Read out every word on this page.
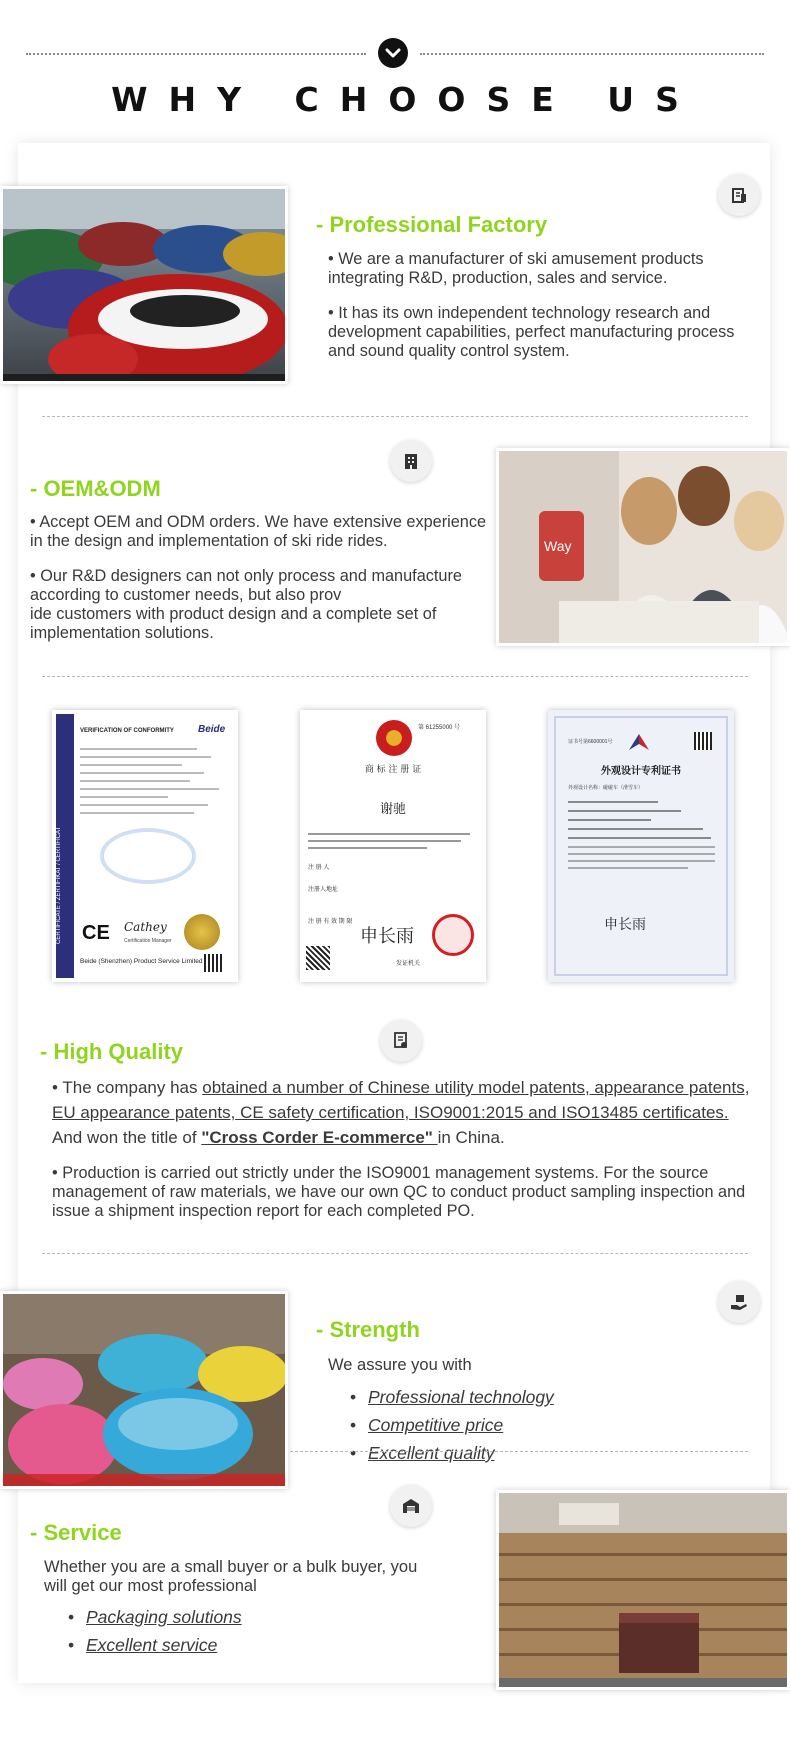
WHY CHOOSE US
- Professional Factory
• We are a manufacturer of ski amusement products integrating R&D, production, sales and service.
• It has its own independent technology research and development capabilities, perfect manufacturing process and sound quality control system.
- OEM&ODM
• Accept OEM and ODM orders. We have extensive experience in the design and implementation of ski ride rides.
• Our R&D designers can not only process and manufacture according to customer needs, but also prov
ide customers with product design and a complete set of implementation solutions.
Way
CERTIFICATE / ZERTIFIKAT / CERTIFICAT
VERIFICATION OF CONFORMITY Beide
CE Cathey
Certification Manager
Beide (Shenzhen) Product Service Limited
第 61255000 号
商 标 注 册 证
谢驰
注 册 人
注册人地址
注 册 有 效 期 限
申长雨
发证机关
证书号第6600001号
外观设计专利证书
外观设计名称：碰碰车（滑雪车）
申长雨
- High Quality
• The company has obtained a number of Chinese utility model patents, appearance patents, EU appearance patents, CE safety certification, ISO9001:2015 and ISO13485 certificates. And won the title of "Cross Corder E-commerce" in China.
• Production is carried out strictly under the ISO9001 management systems. For the source management of raw materials, we have our own QC to conduct product sampling inspection and issue a shipment inspection report for each completed PO.
- Strength
We assure you with
• Professional technology
• Competitive price
• Excellent quality
- Service
Whether you are a small buyer or a bulk buyer, you will get our most professional
• Packaging solutions
• Excellent service
